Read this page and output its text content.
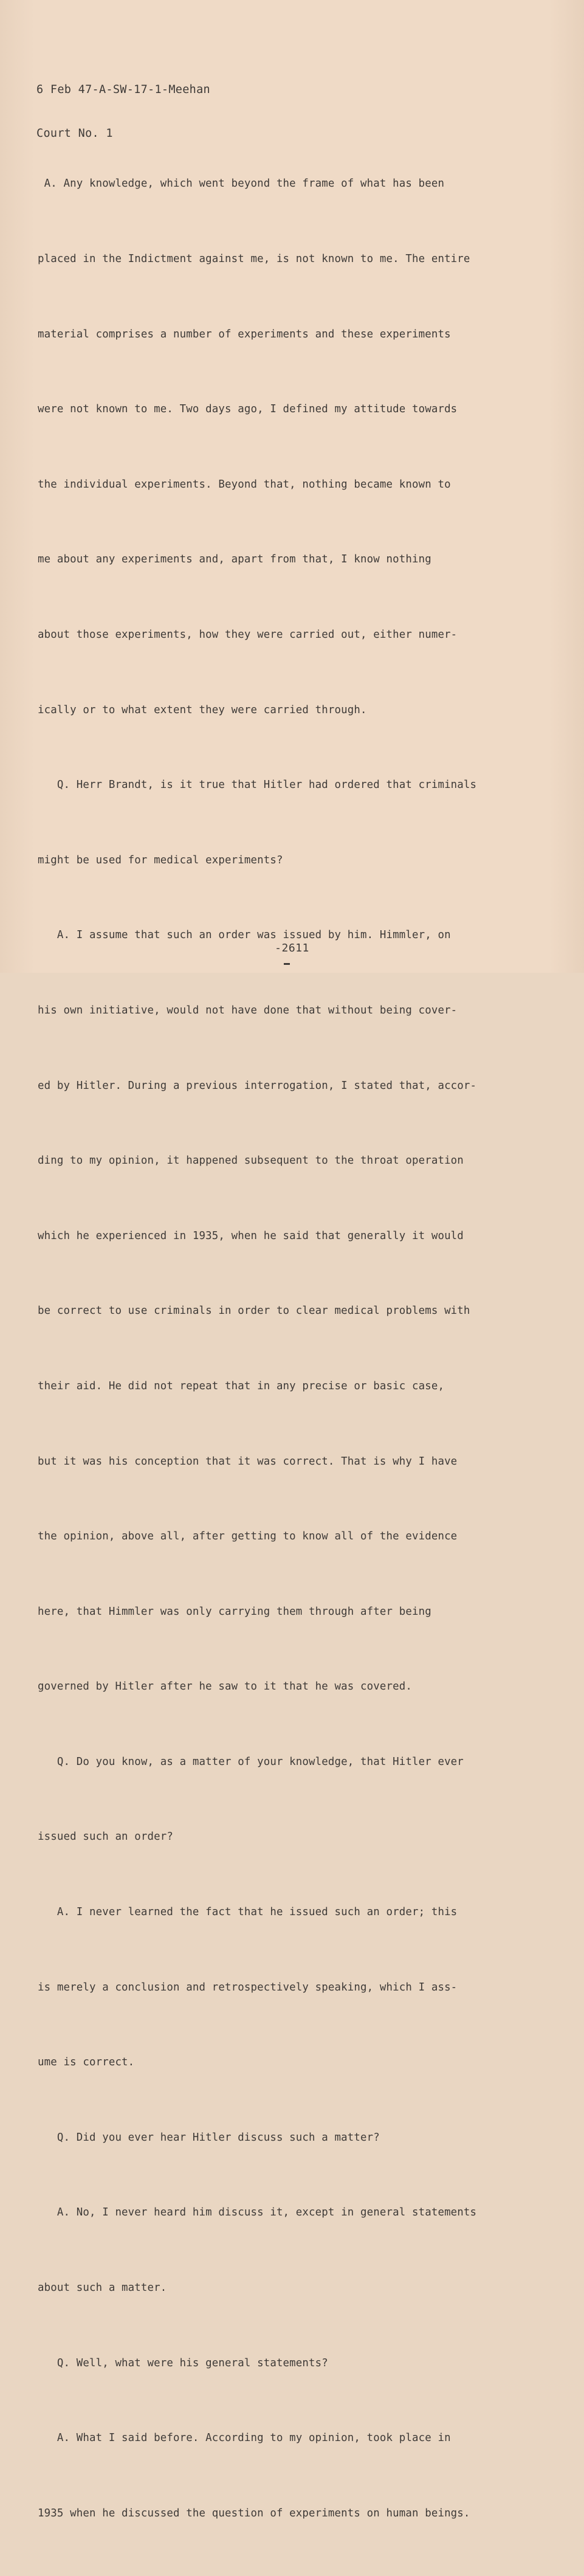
6 Feb 47-A-SW-17-1-Meehan

Court No. 1

A. Any knowledge, which went beyond the frame of what has been

placed in the Indictment against me, is not known to me. The entire

material comprises a number of experiments and these experiments

were not known to me. Two days ago, I defined my attitude towards

the individual experiments. Beyond that, nothing became known to

me about any experiments and, apart from that, I know nothing

about those experiments, how they were carried out, either numer-

ically or to what extent they were carried through.

Q. Herr Brandt, is it true that Hitler had ordered that criminals

might be used for medical experiments?

A. I assume that such an order was issued by him. Himmler, on

his own initiative, would not have done that without being cover-

ed by Hitler. During a previous interrogation, I stated that, accor-

ding to my opinion, it happened subsequent to the throat operation

which he experienced in 1935, when he said that generally it would

be correct to use criminals in order to clear medical problems with

their aid. He did not repeat that in any precise or basic case,

but it was his conception that it was correct. That is why I have

the opinion, above all, after getting to know all of the evidence

here, that Himmler was only carrying them through after being

governed by Hitler after he saw to it that he was covered.

Q. Do you know, as a matter of your knowledge, that Hitler ever

issued such an order?

A. I never learned the fact that he issued such an order; this

is merely a conclusion and retrospectively speaking, which I ass-

ume is correct.

Q. Did you ever hear Hitler discuss such a matter?

A. No, I never heard him discuss it, except in general statements

about such a matter.

Q. Well, what were his general statements?

A. What I said before. According to my opinion, took place in

1935 when he discussed the question of experiments on human beings.

-2611
